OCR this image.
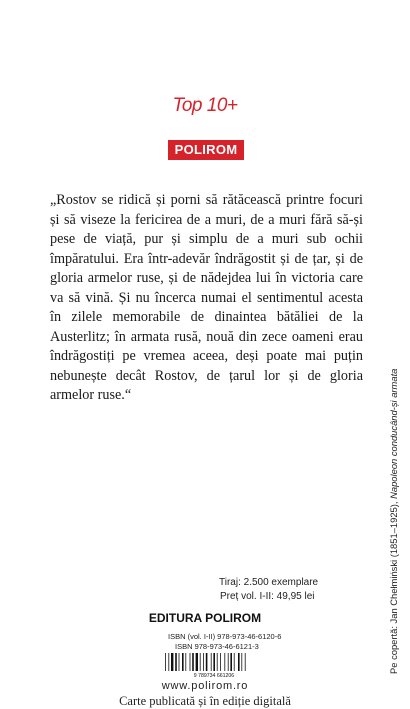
Top 10+
POLIROM

„Rostov se ridică și porni să rătăcească printre focuri și să viseze la fericirea de a muri, de a muri fără să-și pese de viață, pur și simplu de a muri sub ochii împăratului. Era într-adevăr îndrăgostit și de țar, și de gloria armelor ruse, și de nădejdea lui în victoria care va să vină. Și nu încerca numai el sentimentul acesta în zilele memorabile de dinaintea bătăliei de la Austerlitz; în armata rusă, nouă din zece oameni erau îndrăgostiți pe vremea aceea, deși poate mai puțin nebunește decât Rostov, de țarul lor și de gloria armelor ruse.“

Pe copertă: Jan Chełmiński (1851–1925), Napoleon conducând-și armata
Tiraj: 2.500 exemplare
Preț vol. I-II: 49,95 lei
EDITURA POLIROM
ISBN (vol. I-II) 978-973-46-6120-6
ISBN 978-973-46-6121-3
9 789734 661206
www.polirom.ro
Carte publicată și în ediție digitală
